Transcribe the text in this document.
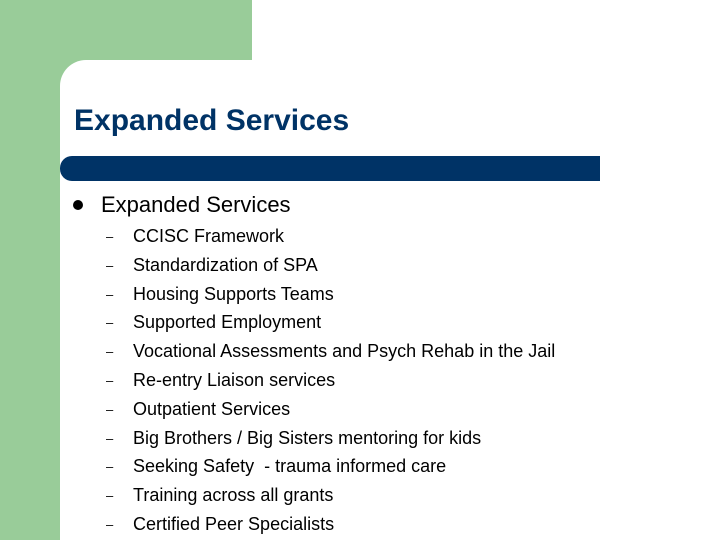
Expanded Services
Expanded Services
–	CCISC Framework
–	Standardization of SPA
–	Housing Supports Teams
–	Supported Employment
–	Vocational Assessments and Psych Rehab in the Jail
–	Re-entry Liaison services
–	Outpatient Services
–	Big Brothers / Big Sisters mentoring for kids
–	Seeking Safety  - trauma informed care
–	Training across all grants
–	Certified Peer Specialists
